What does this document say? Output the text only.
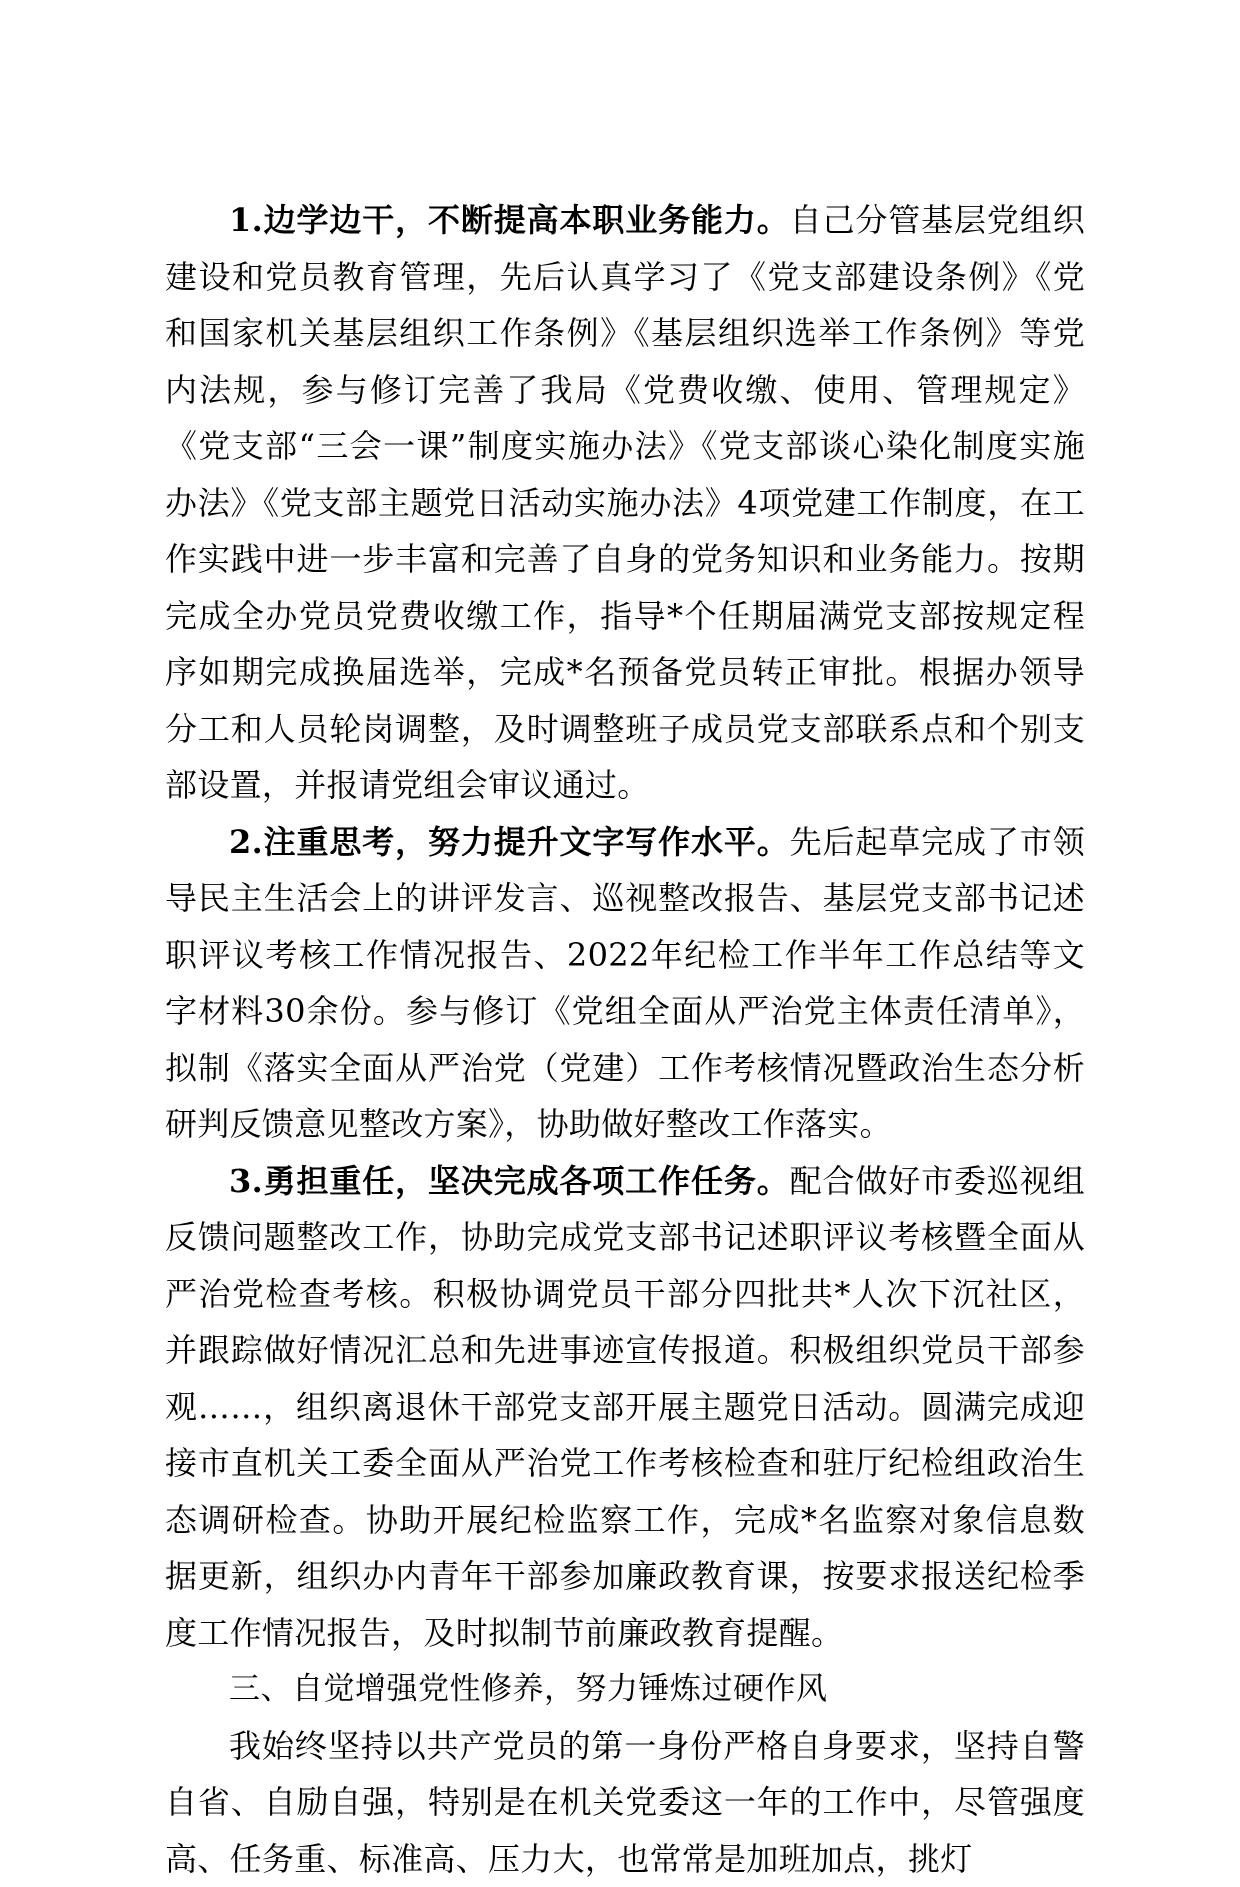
1.边学边干，不断提高本职业务能力。自己分管基层党组织建设和党员教育管理，先后认真学习了《党支部建设条例》《党和国家机关基层组织工作条例》《基层组织选举工作条例》等党内法规，参与修订完善了我局《党费收缴、使用、管理规定》《党支部“三会一课”制度实施办法》《党支部谈心染化制度实施办法》《党支部主题党日活动实施办法》4项党建工作制度，在工作实践中进一步丰富和完善了自身的党务知识和业务能力。按期完成全办党员党费收缴工作，指导*个任期届满党支部按规定程序如期完成换届选举，完成*名预备党员转正审批。根据办领导分工和人员轮岗调整，及时调整班子成员党支部联系点和个别支部设置，并报请党组会审议通过。

2.注重思考，努力提升文字写作水平。先后起草完成了市领导民主生活会上的讲评发言、巡视整改报告、基层党支部书记述职评议考核工作情况报告、2022年纪检工作半年工作总结等文字材料30余份。参与修订《党组全面从严治党主体责任清单》，拟制《落实全面从严治党（党建）工作考核情况暨政治生态分析研判反馈意见整改方案》，协助做好整改工作落实。

3.勇担重任，坚决完成各项工作任务。配合做好市委巡视组反馈问题整改工作，协助完成党支部书记述职评议考核暨全面从严治党检查考核。积极协调党员干部分四批共*人次下沉社区，并跟踪做好情况汇总和先进事迹宣传报道。积极组织党员干部参观……，组织离退休干部党支部开展主题党日活动。圆满完成迎接市直机关工委全面从严治党工作考核检查和驻厅纪检组政治生态调研检查。协助开展纪检监察工作，完成*名监察对象信息数据更新，组织办内青年干部参加廉政教育课，按要求报送纪检季度工作情况报告，及时拟制节前廉政教育提醒。

三、自觉增强党性修养，努力锤炼过硬作风

我始终坚持以共产党员的第一身份严格自身要求，坚持自警自省、自励自强，特别是在机关党委这一年的工作中，尽管强度高、任务重、标准高、压力大，也常常是加班加点，挑灯
